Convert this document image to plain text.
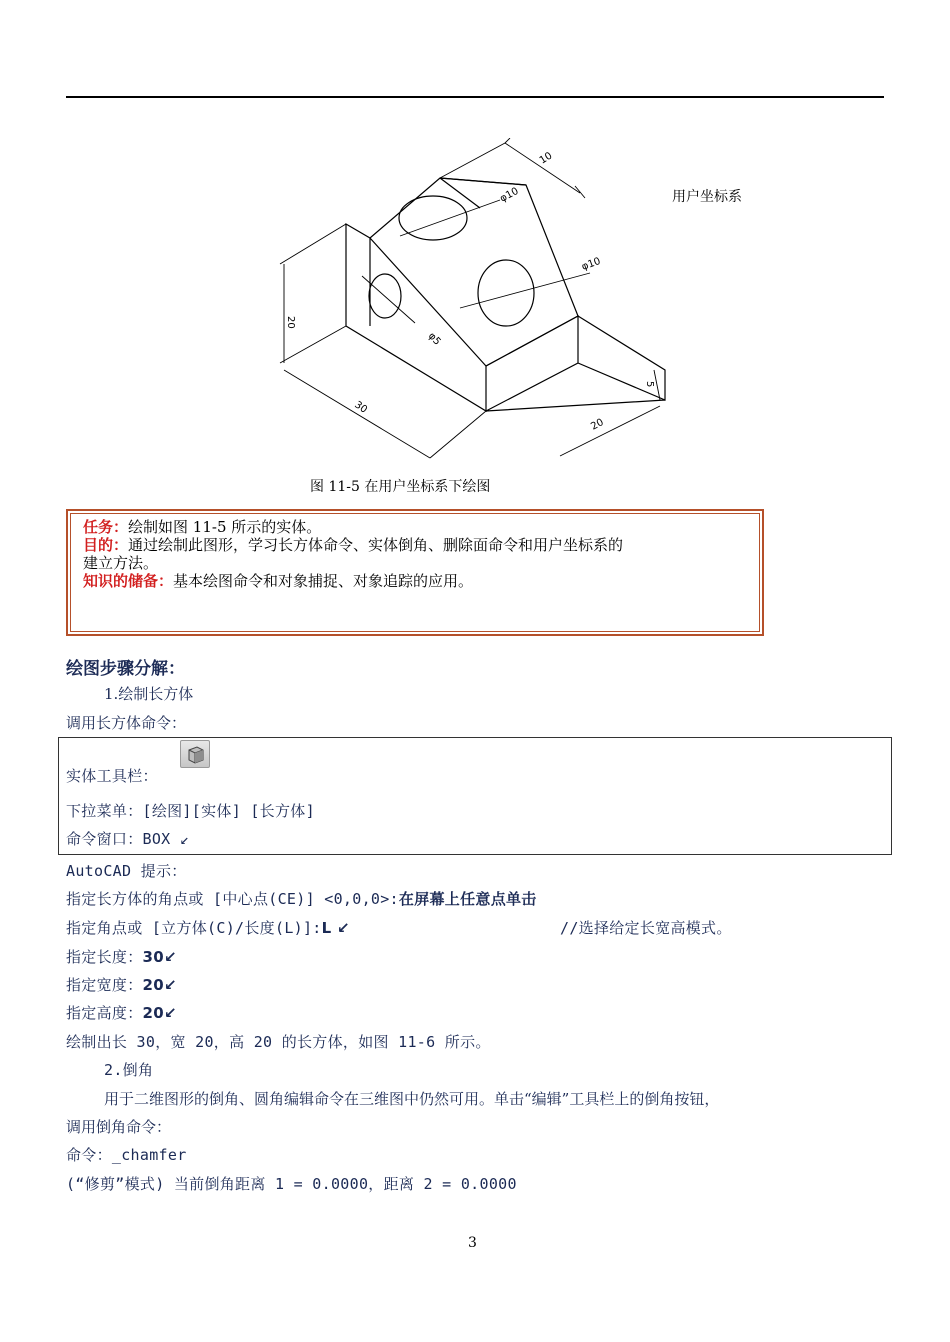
10
φ10
φ10
φ5
20
30
5
20
用户坐标系
图 11-5 在用户坐标系下绘图

任务：绘制如图 11-5 所示的实体。

目的：通过绘制此图形，学习长方体命令、实体倒角、删除面命令和用户坐标系的

建立方法。

知识的储备：基本绘图命令和对象捕捉、对象追踪的应用。

绘图步骤分解：
1.绘制长方体
调用长方体命令：
实体工具栏：
下拉菜单：[绘图][实体] [长方体]
命令窗口：BOX ↙
AutoCAD 提示：
指定长方体的角点或 [中心点(CE)] <0,0,0>:在屏幕上任意点单击
指定角点或 [立方体(C)/长度(L)]:L ↙	//选择给定长宽高模式。
指定长度：30↙
指定宽度：20↙
指定高度：20↙
绘制出长 30，宽 20，高 20 的长方体，如图 11-6 所示。
2.倒角
用于二维图形的倒角、圆角编辑命令在三维图中仍然可用。单击“编辑”工具栏上的倒角按钮，
调用倒角命令：
命令：_chamfer
(“修剪”模式) 当前倒角距离 1 = 0.0000，距离 2 = 0.0000
3
